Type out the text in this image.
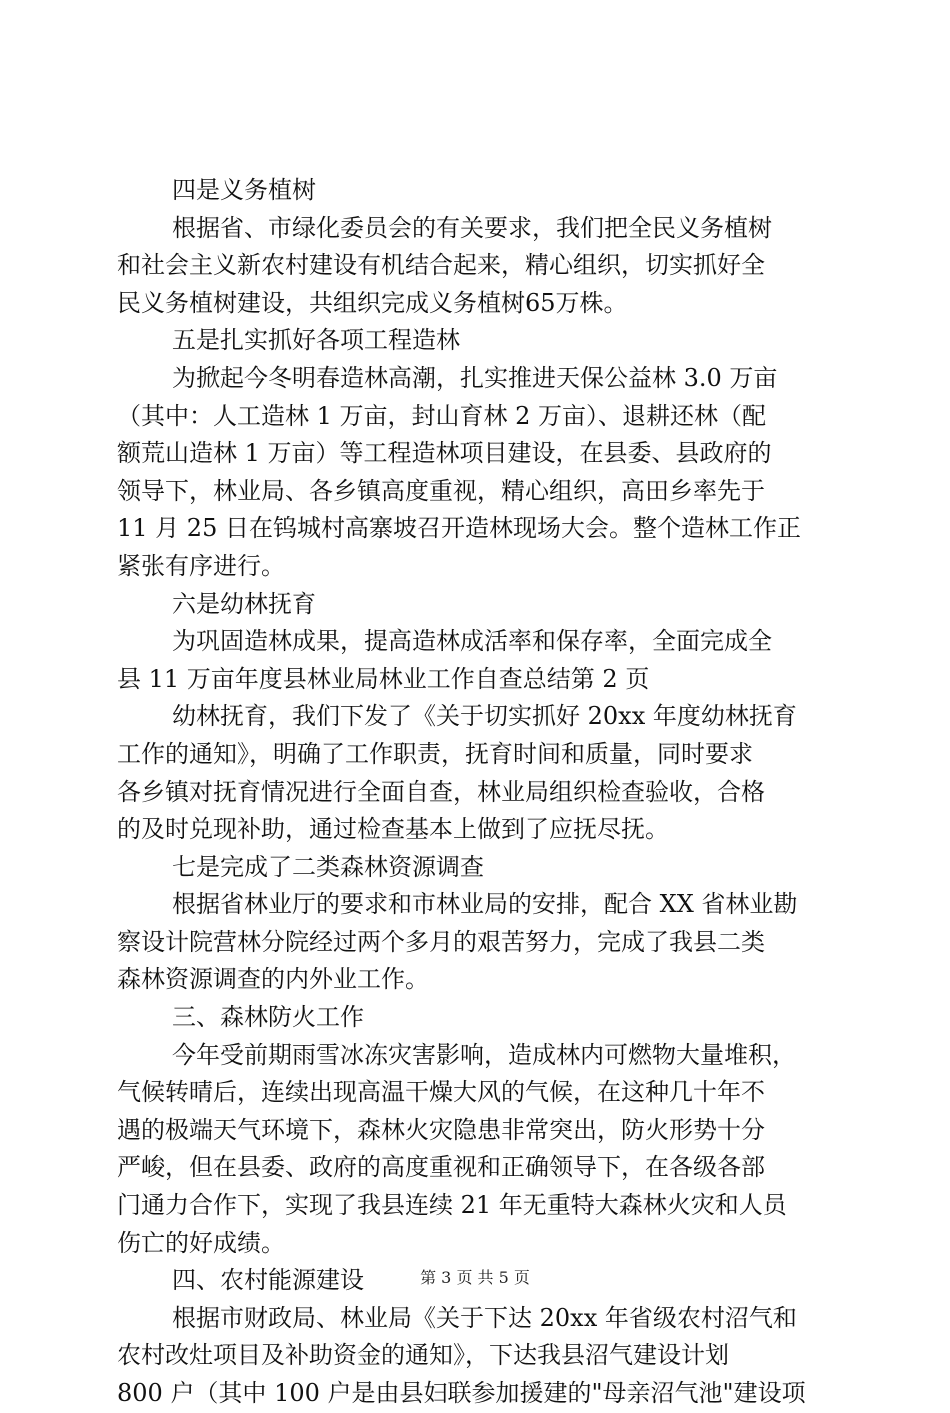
四是义务植树
根据省、市绿化委员会的有关要求，我们把全民义务植树
和社会主义新农村建设有机结合起来，精心组织，切实抓好全
民义务植树建设，共组织完成义务植树65万株。
五是扎实抓好各项工程造林
为掀起今冬明春造林高潮，扎实推进天保公益林 3.0 万亩
（其中：人工造林 1 万亩，封山育林 2 万亩）、退耕还林（配
额荒山造林 1 万亩）等工程造林项目建设，在县委、县政府的
领导下，林业局、各乡镇高度重视，精心组织，高田乡率先于
11 月 25 日在钨城村高寨坡召开造林现场大会。整个造林工作正
紧张有序进行。
六是幼林抚育
为巩固造林成果，提高造林成活率和保存率，全面完成全
县 11 万亩年度县林业局林业工作自查总结第 2 页
幼林抚育，我们下发了《关于切实抓好 20xx 年度幼林抚育
工作的通知》，明确了工作职责，抚育时间和质量，同时要求
各乡镇对抚育情况进行全面自查，林业局组织检查验收，合格
的及时兑现补助，通过检查基本上做到了应抚尽抚。
七是完成了二类森林资源调查
根据省林业厅的要求和市林业局的安排，配合 XX 省林业勘
察设计院营林分院经过两个多月的艰苦努力，完成了我县二类
森林资源调查的内外业工作。
三、森林防火工作
今年受前期雨雪冰冻灾害影响，造成林内可燃物大量堆积，
气候转晴后，连续出现高温干燥大风的气候，在这种几十年不
遇的极端天气环境下，森林火灾隐患非常突出，防火形势十分
严峻，但在县委、政府的高度重视和正确领导下，在各级各部
门通力合作下，实现了我县连续 21 年无重特大森林火灾和人员
伤亡的好成绩。
四、农村能源建设
根据市财政局、林业局《关于下达 20xx 年省级农村沼气和
农村改灶项目及补助资金的通知》，下达我县沼气建设计划
800 户（其中 100 户是由县妇联参加援建的"母亲沼气池"建设项
第 3 页 共 5 页
